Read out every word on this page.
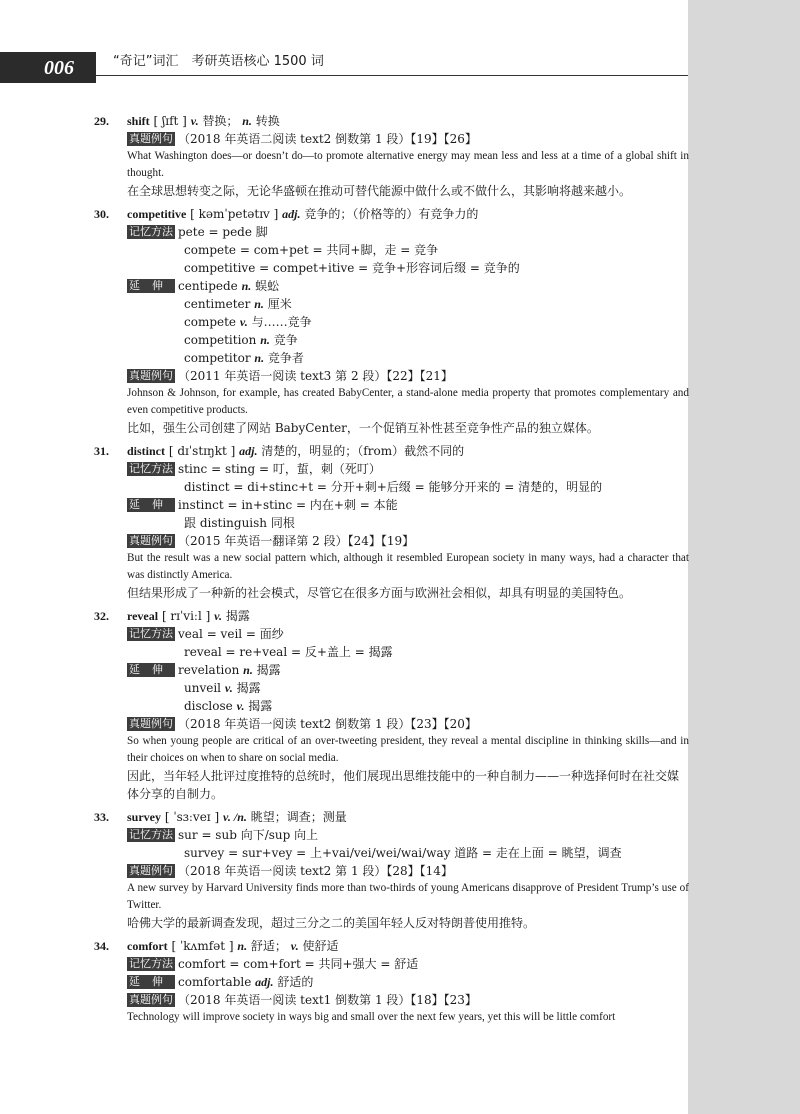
006	“奇记”词汇　考研英语核心 1500 词
29. shift [ ʃɪft ] v. 替换； n. 转换
真题例句 （2018 年英语二阅读 text2 倒数第 1 段）【19】【26】
What Washington does—or doesn’t do—to promote alternative energy may mean less and less at a time of a global shift in thought.
在全球思想转变之际，无论华盛顿在推动可替代能源中做什么或不做什么，其影响将越来越小。
30. competitive [ kəmˈpetətɪv ] adj. 竞争的；（价格等的）有竞争力的
记忆方法 pete = pede 脚
compete = com+pet = 共同+脚，走 = 竞争
competitive = compet+itive = 竞争+形容词后缀 = 竞争的
延伸 centipede n. 蜈蚣
centimeter n. 厘米
compete v. 与……竞争
competition n. 竞争
competitor n. 竞争者
真题例句 （2011 年英语一阅读 text3 第 2 段）【22】【21】
Johnson & Johnson, for example, has created BabyCenter, a stand-alone media property that promotes complementary and even competitive products.
比如，强生公司创建了网站 BabyCenter，一个促销互补性甚至竞争性产品的独立媒体。
31. distinct [ dɪˈstɪŋkt ] adj. 清楚的，明显的；（from）截然不同的
记忆方法 stinc = sting = 叮，蜇，刺（死叮）
distinct = di+stinc+t = 分开+刺+后缀 = 能够分开来的 = 清楚的，明显的
延伸 instinct = in+stinc = 内在+刺 = 本能
跟 distinguish 同根
真题例句 （2015 年英语一翻译第 2 段）【24】【19】
But the result was a new social pattern which, although it resembled European society in many ways, had a character that was distinctly America.
但结果形成了一种新的社会模式，尽管它在很多方面与欧洲社会相似，却具有明显的美国特色。
32. reveal [ rɪˈviːl ] v. 揭露
记忆方法 veal = veil = 面纱
reveal = re+veal = 反+盖上 = 揭露
延伸 revelation n. 揭露
unveil v. 揭露
disclose v. 揭露
真题例句 （2018 年英语一阅读 text2 倒数第 1 段）【23】【20】
So when young people are critical of an over-tweeting president, they reveal a mental discipline in thinking skills—and in their choices on when to share on social media.
因此，当年轻人批评过度推特的总统时，他们展现出思维技能中的一种自制力——一种选择何时在社交媒体分享的自制力。
33. survey [ ˈsɜːveɪ ] v. /n. 眺望；调查；测量
记忆方法 sur = sub 向下/sup 向上
survey = sur+vey = 上+vai/vei/wei/wai/way 道路 = 走在上面 = 眺望，调查
真题例句 （2018 年英语一阅读 text2 第 1 段）【28】【14】
A new survey by Harvard University finds more than two-thirds of young Americans disapprove of President Trump’s use of Twitter.
哈佛大学的最新调查发现，超过三分之二的美国年轻人反对特朗普使用推特。
34. comfort [ ˈkʌmfət ] n. 舒适； v. 使舒适
记忆方法 comfort = com+fort = 共同+强大 = 舒适
延伸 comfortable adj. 舒适的
真题例句 （2018 年英语一阅读 text1 倒数第 1 段）【18】【23】
Technology will improve society in ways big and small over the next few years, yet this will be little comfort
